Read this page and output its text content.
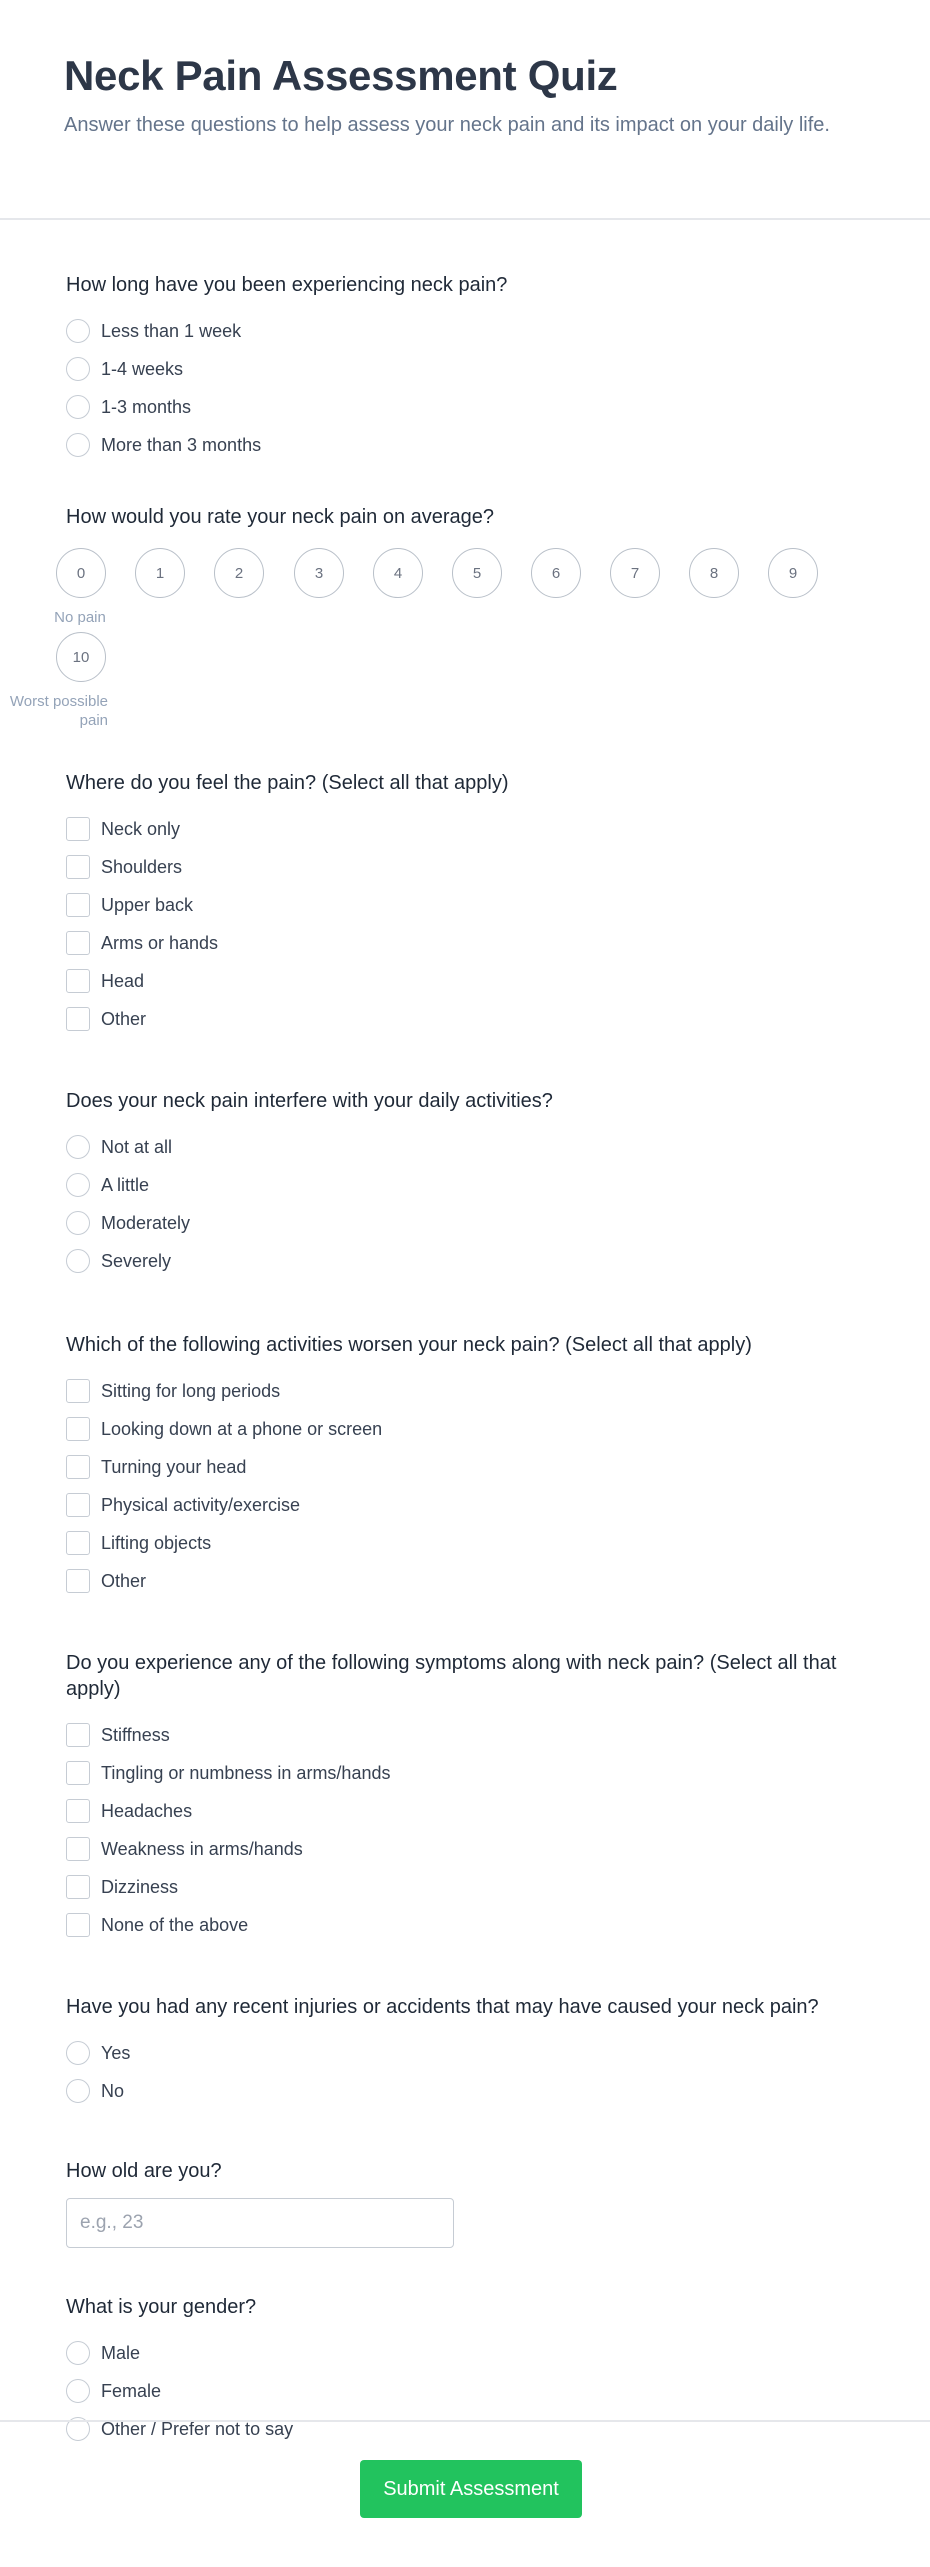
Neck Pain Assessment Quiz
Answer these questions to help assess your neck pain and its impact on your daily life.
How long have you been experiencing neck pain?
Less than 1 week
1-4 weeks
1-3 months
More than 3 months
How would you rate your neck pain on average?
0	1	2	3	4	5	6	7	8	9
No pain
10
Worst possible pain
Where do you feel the pain? (Select all that apply)
Neck only
Shoulders
Upper back
Arms or hands
Head
Other
Does your neck pain interfere with your daily activities?
Not at all
A little
Moderately
Severely
Which of the following activities worsen your neck pain? (Select all that apply)
Sitting for long periods
Looking down at a phone or screen
Turning your head
Physical activity/exercise
Lifting objects
Other
Do you experience any of the following symptoms along with neck pain? (Select all that apply)
Stiffness
Tingling or numbness in arms/hands
Headaches
Weakness in arms/hands
Dizziness
None of the above
Have you had any recent injuries or accidents that may have caused your neck pain?
Yes
No
How old are you?
e.g., 23
What is your gender?
Male
Female
Other / Prefer not to say
Submit Assessment
